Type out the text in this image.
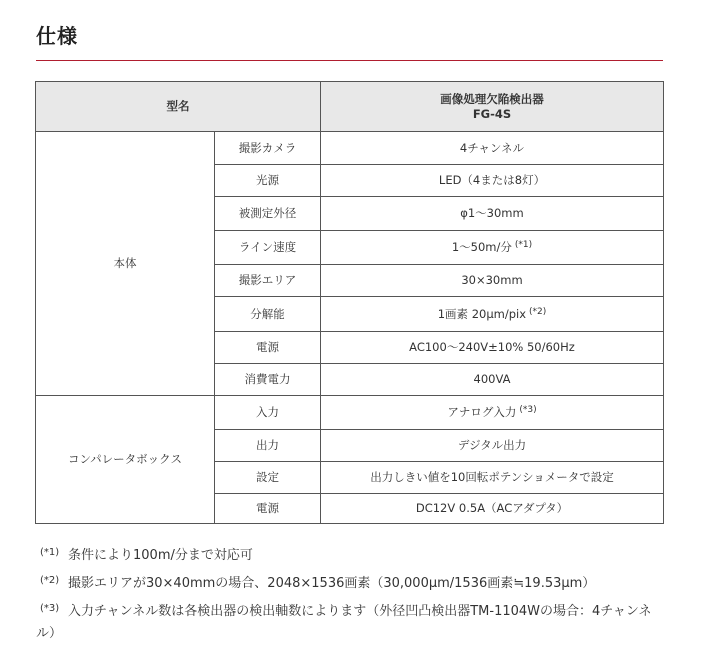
仕様
型名		画像処理欠陥検出器
FG-4S

本体	撮影カメラ	4チャンネル
	光源	LED（4または8灯）
	被測定外径	φ1～30mm
	ライン速度	1～50m/分 $^{(*1)}$
	撮影エリア	30×30mm
	分解能	1画素 20µm/pix $^{(*2)}$
	電源	AC100～240V±10% 50/60Hz
	消費電力	400VA
コンパレータボックス	入力	アナログ入力 $^{(*3)}$
	出力	デジタル出力
	設定	出力しきい値を10回転ポテンショメータで設定
	電源	DC12V 0.5A（ACアダプタ）
(*1) 条件により100m/分まで対応可
(*2) 撮影エリアが30×40mmの場合、2048×1536画素（30,000µm/1536画素≒19.53µm）
(*3) 入力チャンネル数は各検出器の検出軸数によります（外径凹凸検出器TM-1104Wの場合：4チャンネル）
